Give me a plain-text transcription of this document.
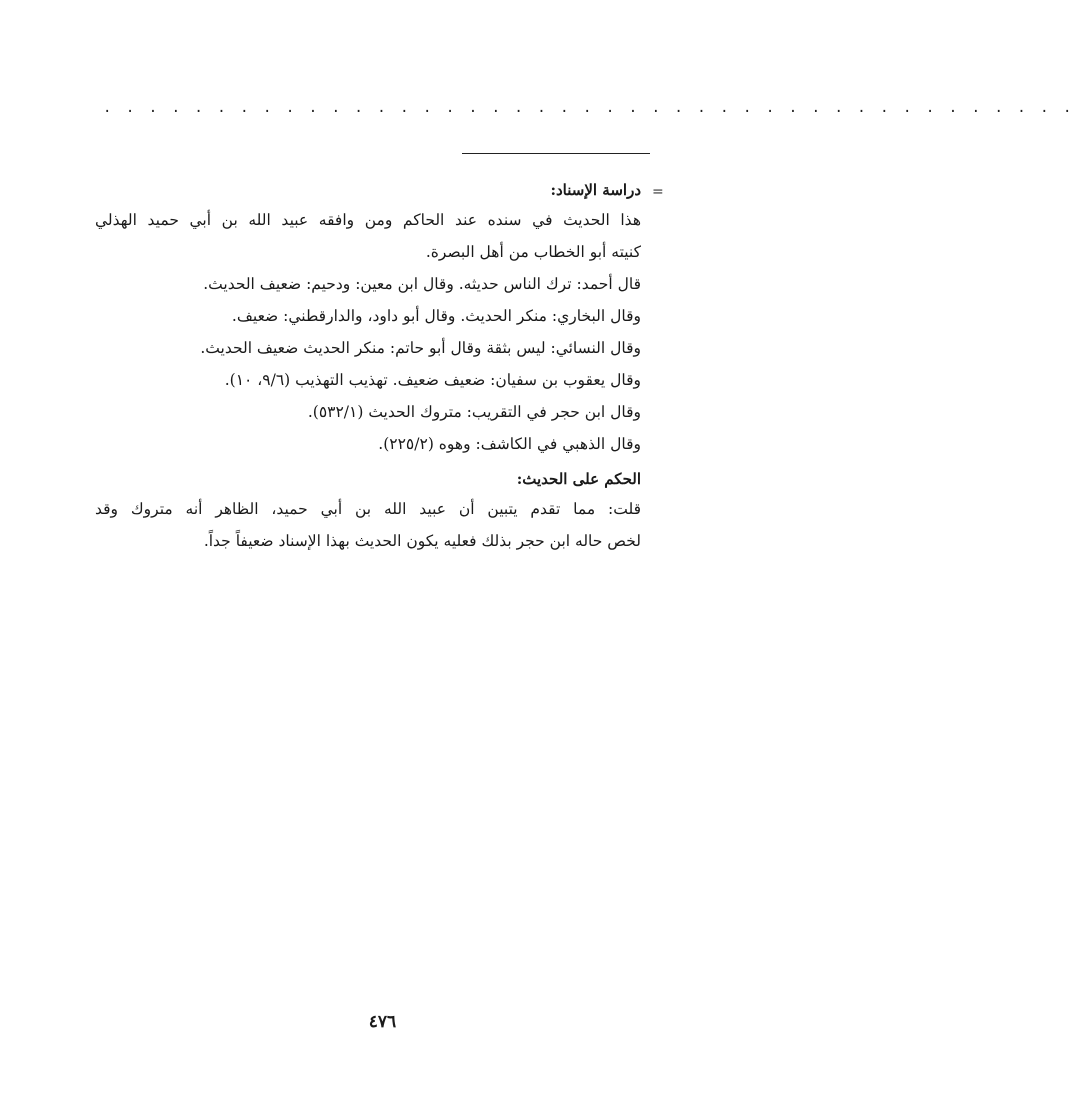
. . . . . . . . . . . . . . . . . . . . . . . . . . . . . . . . . . . . . . . . . . .
=
دراسة الإسناد:
هذا الحديث في سنده عند الحاكم ومن وافقه عبيد الله بن أبي حميد الهذلي
كنيته أبو الخطاب من أهل البصرة.
قال أحمد: ترك الناس حديثه. وقال ابن معين: ودحيم: ضعيف الحديث.
وقال البخاري: منكر الحديث. وقال أبو داود، والدارقطني: ضعيف.
وقال النسائي: ليس بثقة وقال أبو حاتم: منكر الحديث ضعيف الحديث.
وقال يعقوب بن سفيان: ضعيف ضعيف. تهذيب التهذيب (٩/٦، ١٠).
وقال ابن حجر في التقريب: متروك الحديث (٥٣٢/١).
وقال الذهبي في الكاشف: وهوه (٢٢٥/٢).
الحكم على الحديث:
قلت: مما تقدم يتبين أن عبيد الله بن أبي حميد، الظاهر أنه متروك وقد
لخص حاله ابن حجر بذلك فعليه يكون الحديث بهذا الإسناد ضعيفاً جداً.
٤٧٦
